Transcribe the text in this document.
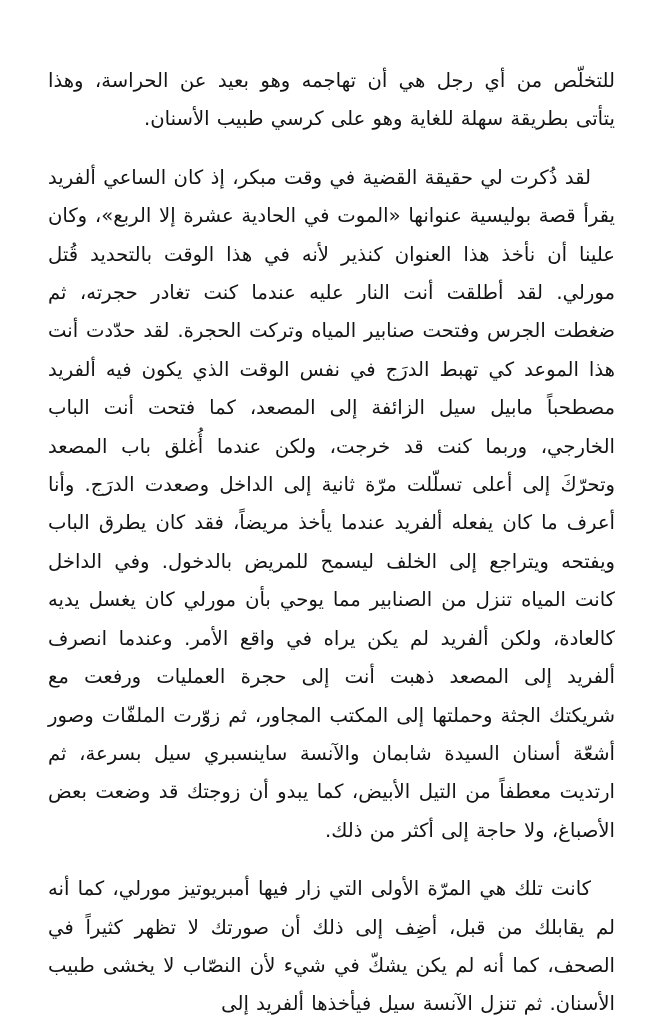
للتخلّص من أي رجل هي أن تهاجمه وهو بعيد عن الحراسة، وهذا يتأتى بطريقة سهلة للغاية وهو على كرسي طبيب الأسنان.

لقد ذُكرت لي حقيقة القضية في وقت مبكر، إذ كان الساعي ألفريد يقرأ قصة بوليسية عنوانها «الموت في الحادية عشرة إلا الربع»، وكان علينا أن نأخذ هذا العنوان كنذير لأنه في هذا الوقت بالتحديد قُتل مورلي. لقد أطلقت أنت النار عليه عندما كنت تغادر حجرته، ثم ضغطت الجرس وفتحت صنابير المياه وتركت الحجرة. لقد حدّدت أنت هذا الموعد كي تهبط الدرَج في نفس الوقت الذي يكون فيه ألفريد مصطحباً مابيل سيل الزائفة إلى المصعد، كما فتحت أنت الباب الخارجي، وربما كنت قد خرجت، ولكن عندما أُغلق باب المصعد وتحرّكَ إلى أعلى تسلّلت مرّة ثانية إلى الداخل وصعدت الدرَج. وأنا أعرف ما كان يفعله ألفريد عندما يأخذ مريضاً، فقد كان يطرق الباب ويفتحه ويتراجع إلى الخلف ليسمح للمريض بالدخول. وفي الداخل كانت المياه تنزل من الصنابير مما يوحي بأن مورلي كان يغسل يديه كالعادة، ولكن ألفريد لم يكن يراه في واقع الأمر. وعندما انصرف ألفريد إلى المصعد ذهبت أنت إلى حجرة العمليات ورفعت مع شريكتك الجثة وحملتها إلى المكتب المجاور، ثم زوّرت الملفّات وصور أشعّة أسنان السيدة شابمان والآنسة ساينسبري سيل بسرعة، ثم ارتديت معطفاً من التيل الأبيض، كما يبدو أن زوجتك قد وضعت بعض الأصباغ، ولا حاجة إلى أكثر من ذلك.

كانت تلك هي المرّة الأولى التي زار فيها أمبريوتيز مورلي، كما أنه لم يقابلك من قبل، أضِف إلى ذلك أن صورتك لا تظهر كثيراً في الصحف، كما أنه لم يكن يشكّ في شيء لأن النصّاب لا يخشى طبيب الأسنان. ثم تنزل الآنسة سيل فيأخذها ألفريد إلى
